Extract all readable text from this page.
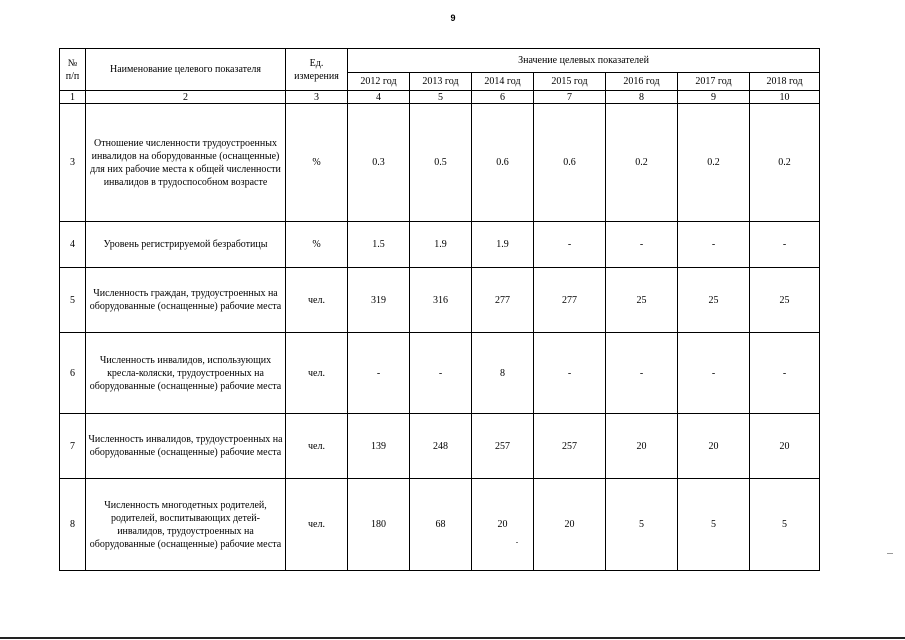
9
№
п/п	Наименование целевого показателя	Ед.
измерения	Значение целевых показателей						
			2012 год	2013 год	2014 год	2015 год	2016 год	2017 год	2018 год
1	2	3	4	5	6	7	8	9	10
3	Отношение численности трудоустроенных инвалидов на оборудованные (оснащенные) для них рабочие места к общей численности инвалидов в трудоспособном возрасте	%	0.3	0.5	0.6	0.6	0.2	0.2	0.2
4	Уровень регистрируемой безработицы	%	1.5	1.9	1.9	-	-	-	-
5	Численность граждан, трудоустроенных на оборудованные (оснащенные) рабочие места	чел.	319	316	277	277	25	25	25
6	Численность инвалидов, использующих кресла-коляски, трудоустроенных на оборудованные (оснащенные) рабочие места	чел.	-	-	8	-	-	-	-
7	Численность инвалидов, трудоустроенных на оборудованные (оснащенные) рабочие места	чел.	139	248	257	257	20	20	20
8	Численность многодетных родителей, родителей, воспитывающих детей-инвалидов, трудоустроенных на оборудованные (оснащенные) рабочие места	чел.	180	68	20	20	5	5	5
